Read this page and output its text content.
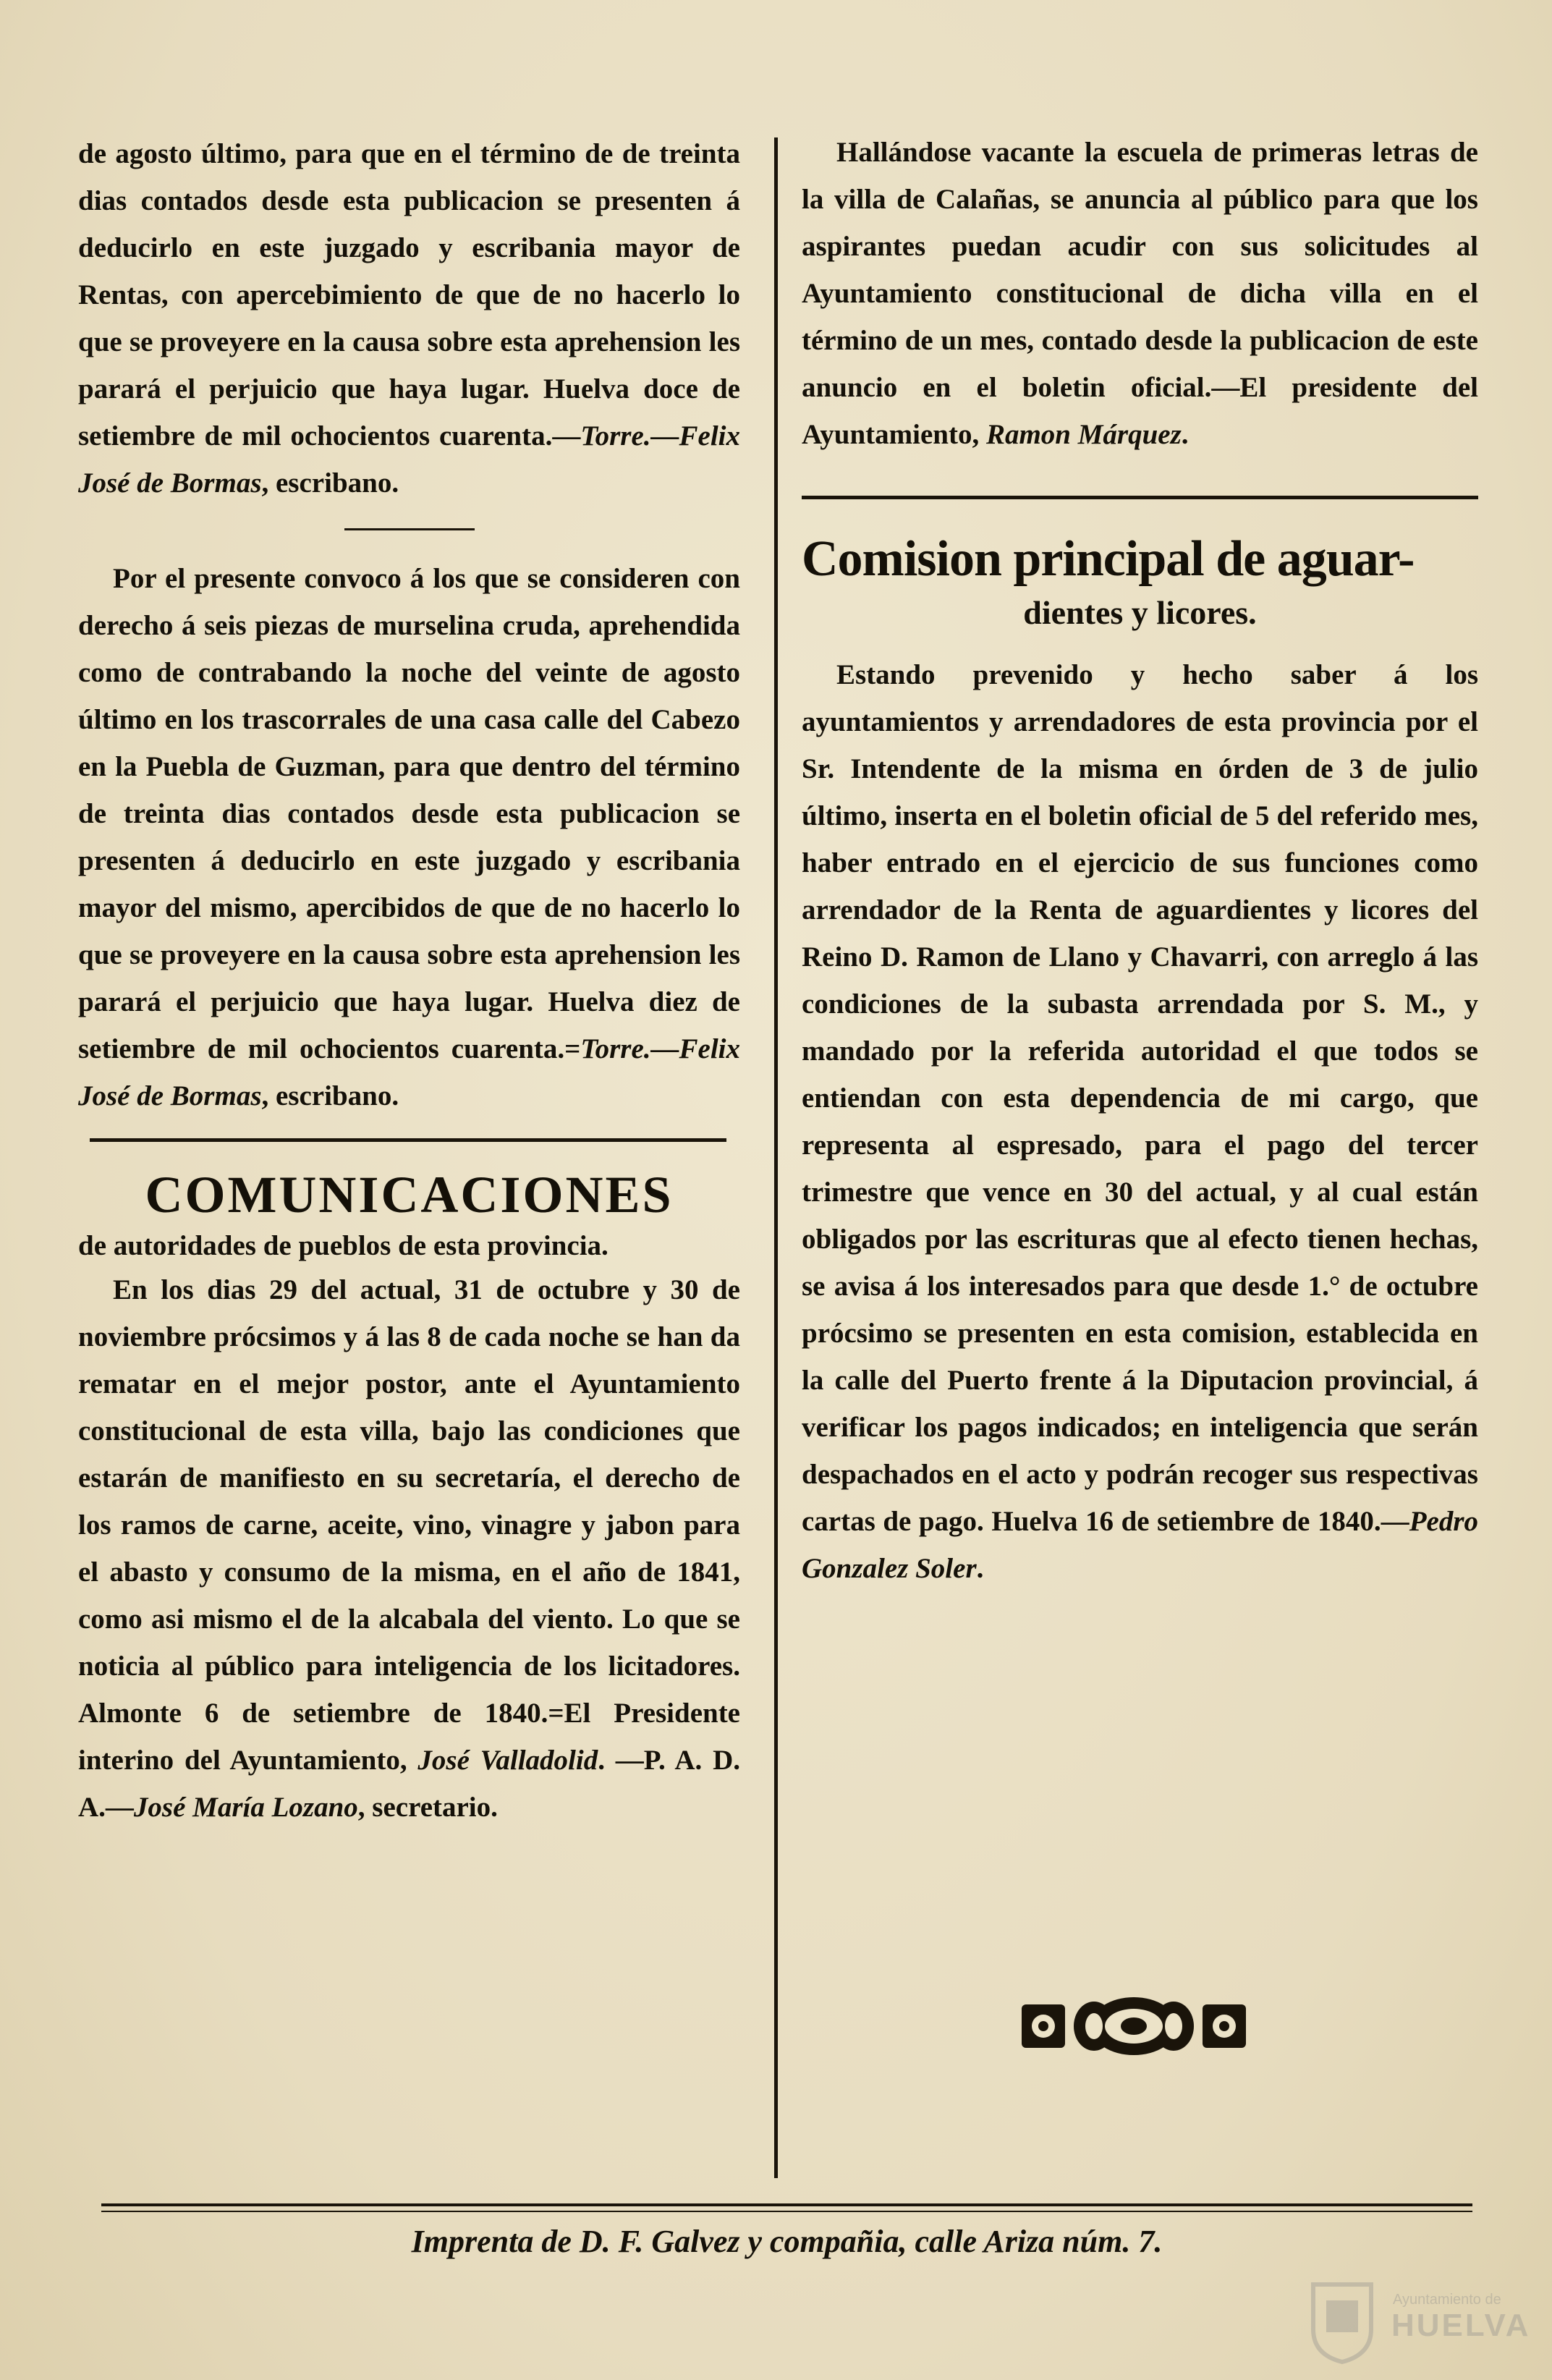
de agosto último, para que en el término de de treinta dias contados desde esta publicacion se presenten á deducirlo en este juzgado y escribania mayor de Rentas, con apercebimiento de que de no hacerlo lo que se proveyere en la causa sobre esta aprehension les parará el perjuicio que haya lugar. Huelva doce de setiembre de mil ochocientos cuarenta.—Torre.—Felix José de Bormas, escribano.

Por el presente convoco á los que se consideren con derecho á seis piezas de murselina cruda, aprehendida como de contrabando la noche del veinte de agosto último en los trascorrales de una casa calle del Cabezo en la Puebla de Guzman, para que dentro del término de treinta dias contados desde esta publicacion se presenten á deducirlo en este juzgado y escribania mayor del mismo, apercibidos de que de no hacerlo lo que se proveyere en la causa sobre esta aprehension les parará el perjuicio que haya lugar. Huelva diez de setiembre de mil ochocientos cuarenta.=Torre.—Felix José de Bormas, escribano.

COMUNICACIONES

de autoridades de pueblos de esta provincia.

En los dias 29 del actual, 31 de octubre y 30 de noviembre prócsimos y á las 8 de cada noche se han da rematar en el mejor postor, ante el Ayuntamiento constitucional de esta villa, bajo las condiciones que estarán de manifiesto en su secretaría, el derecho de los ramos de carne, aceite, vino, vinagre y jabon para el abasto y consumo de la misma, en el año de 1841, como asi mismo el de la alcabala del viento. Lo que se noticia al público para inteligencia de los licitadores. Almonte 6 de setiembre de 1840.=El Presidente interino del Ayuntamiento, José Valladolid. —P. A. D. A.—José María Lozano, secretario.

Hallándose vacante la escuela de primeras letras de la villa de Calañas, se anuncia al público para que los aspirantes puedan acudir con sus solicitudes al Ayuntamiento constitucional de dicha villa en el término de un mes, contado desde la publicacion de este anuncio en el boletin oficial.—El presidente del Ayuntamiento, Ramon Márquez.

Comision principal de aguar-
dientes y licores.

Estando prevenido y hecho saber á los ayuntamientos y arrendadores de esta provincia por el Sr. Intendente de la misma en órden de 3 de julio último, inserta en el boletin oficial de 5 del referido mes, haber entrado en el ejercicio de sus funciones como arrendador de la Renta de aguardientes y licores del Reino D. Ramon de Llano y Chavarri, con arreglo á las condiciones de la subasta arrendada por S. M., y mandado por la referida autoridad el que todos se entiendan con esta dependencia de mi cargo, que representa al espresado, para el pago del tercer trimestre que vence en 30 del actual, y al cual están obligados por las escrituras que al efecto tienen hechas, se avisa á los interesados para que desde 1.° de octubre prócsimo se presenten en esta comision, establecida en la calle del Puerto frente á la Diputacion provincial, á verificar los pagos indicados; en inteligencia que serán despachados en el acto y podrán recoger sus respectivas cartas de pago. Huelva 16 de setiembre de 1840.—Pedro Gonzalez Soler.

Imprenta de D. F. Galvez y compañia, calle Ariza núm. 7.
Ayuntamiento de
HUELVA
